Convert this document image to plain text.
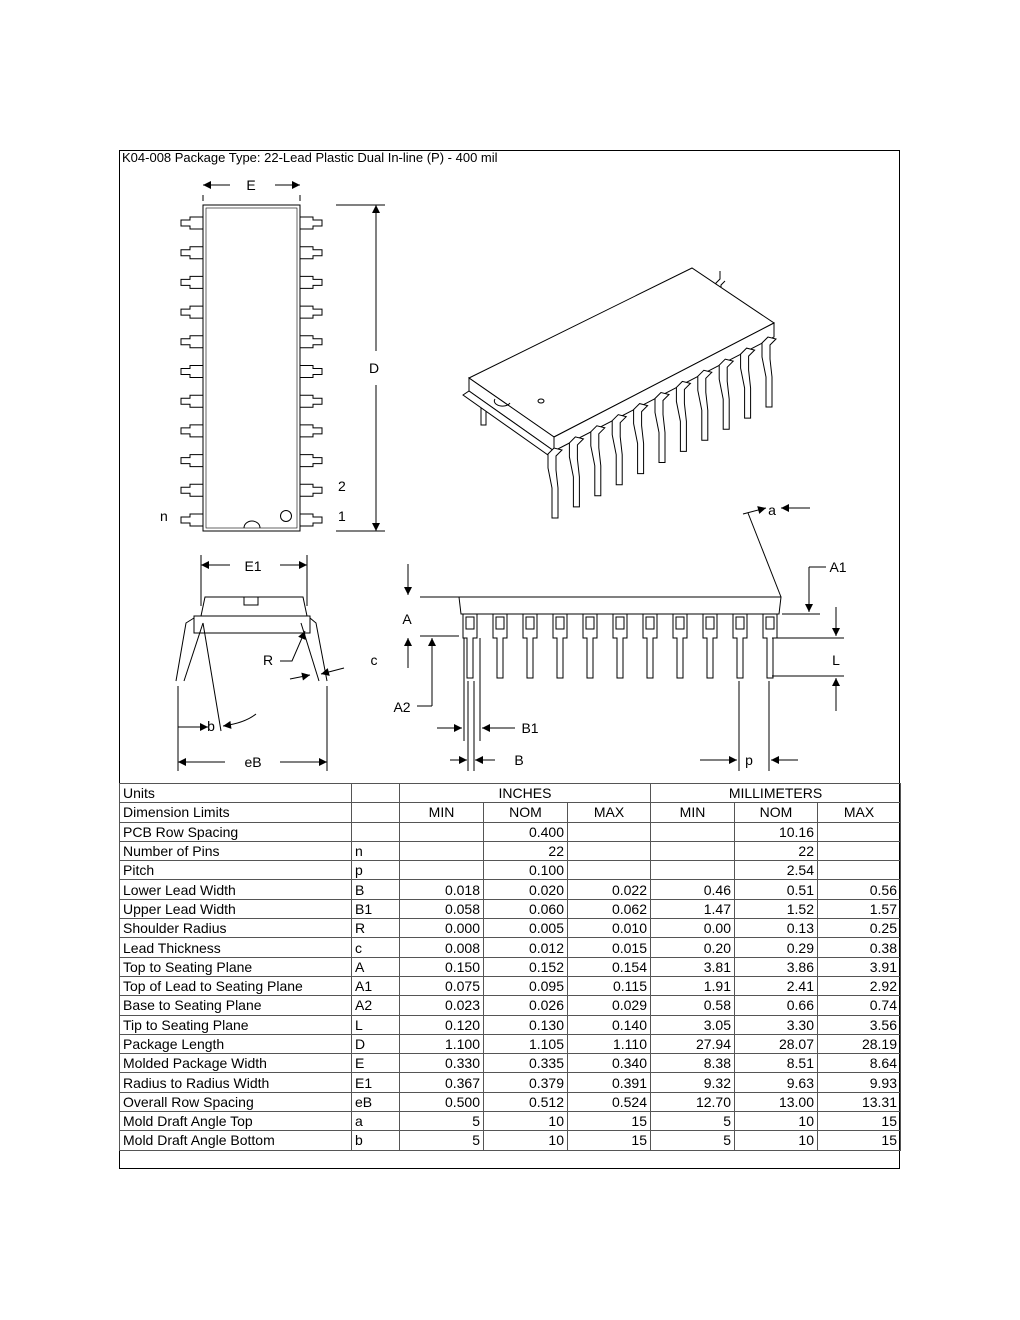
K04-008 Package Type: 22-Lead Plastic Dual In-line (P) - 400 mil
E
D
n	1
2
E1
R	c
b
eB
A
A2
A1
L
a
B1
B	p
Units		INCHES			MILLIMETERS		
Dimension Limits		MIN	NOM	MAX	MIN	NOM	MAX
PCB Row Spacing			0.400			10.16	
Number of Pins	n		22			22	
Pitch	p		0.100			2.54	
Lower Lead Width	B	0.018	0.020	0.022	0.46	0.51	0.56
Upper Lead Width	B1	0.058	0.060	0.062	1.47	1.52	1.57
Shoulder Radius	R	0.000	0.005	0.010	0.00	0.13	0.25
Lead Thickness	c	0.008	0.012	0.015	0.20	0.29	0.38
Top to Seating Plane	A	0.150	0.152	0.154	3.81	3.86	3.91
Top of Lead to Seating Plane	A1	0.075	0.095	0.115	1.91	2.41	2.92
Base to Seating Plane	A2	0.023	0.026	0.029	0.58	0.66	0.74
Tip to Seating Plane	L	0.120	0.130	0.140	3.05	3.30	3.56
Package Length	D	1.100	1.105	1.110	27.94	28.07	28.19
Molded Package Width	E	0.330	0.335	0.340	8.38	8.51	8.64
Radius to Radius Width	E1	0.367	0.379	0.391	9.32	9.63	9.93
Overall Row Spacing	eB	0.500	0.512	0.524	12.70	13.00	13.31
Mold Draft Angle Top	a	5	10	15	5	10	15
Mold Draft Angle Bottom	b	5	10	15	5	10	15
